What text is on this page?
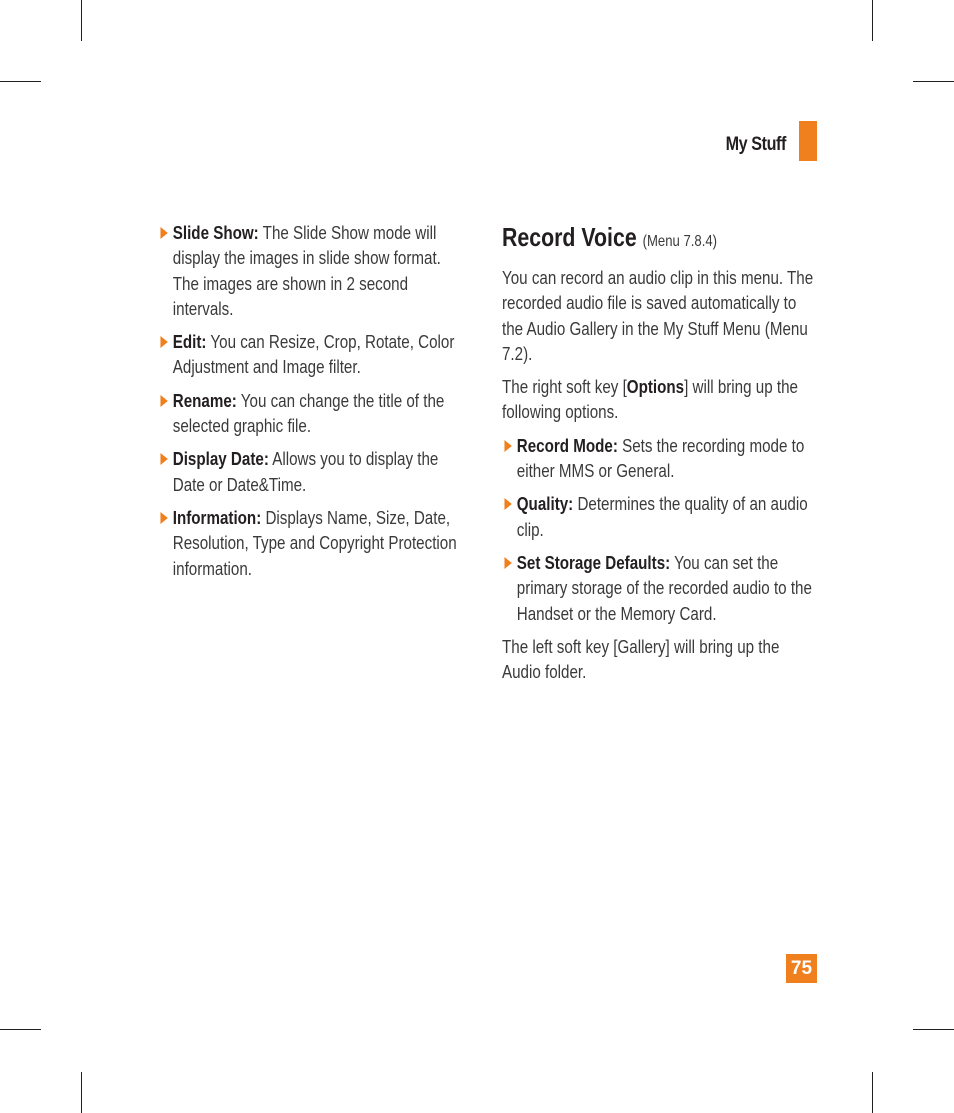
My Stuff
Slide Show: The Slide Show mode will display the images in slide show format. The images are shown in 2 second intervals.
Edit: You can Resize, Crop, Rotate, Color Adjustment and Image filter.
Rename: You can change the title of the selected graphic file.
Display Date: Allows you to display the Date or Date&Time.
Information: Displays Name, Size, Date, Resolution, Type and Copyright Protection information.
Record Voice (Menu 7.8.4)

You can record an audio clip in this menu. The recorded audio file is saved automatically to the Audio Gallery in the My Stuff Menu (Menu 7.2).

The right soft key [Options] will bring up the following options.

Record Mode: Sets the recording mode to either MMS or General.
Quality: Determines the quality of an audio clip.
Set Storage Defaults: You can set the primary storage of the recorded audio to the Handset or the Memory Card.

The left soft key [Gallery] will bring up the Audio folder.

75
